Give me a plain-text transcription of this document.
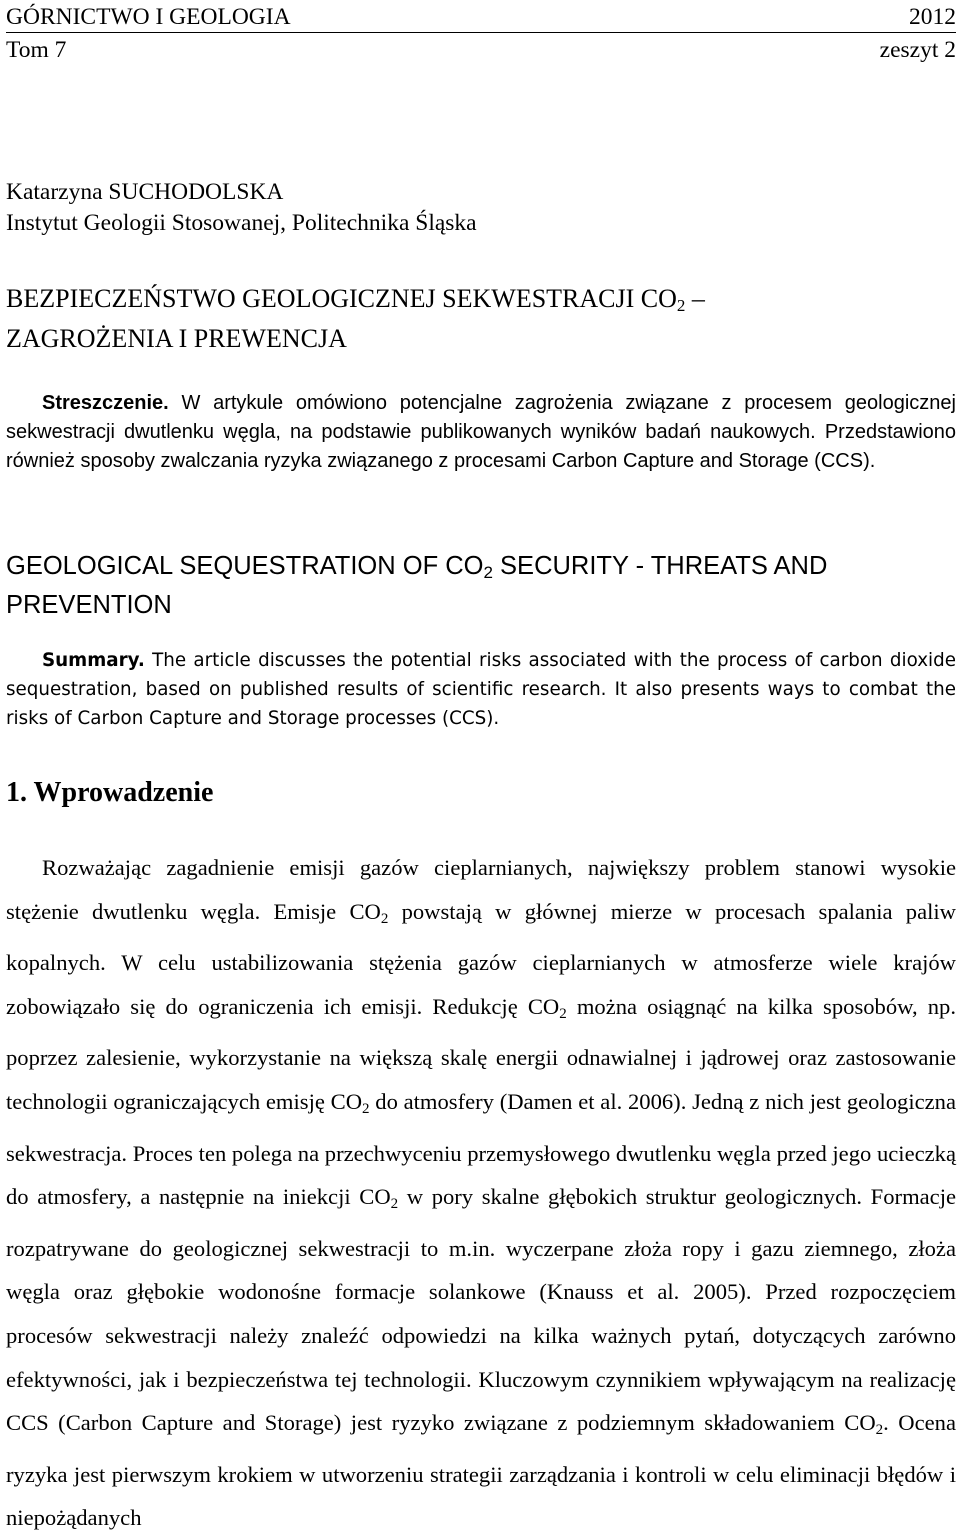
GÓRNICTWO I GEOLOGIA	2012
Tom 7	zeszyt 2
Katarzyna SUCHODOLSKA
Instytut Geologii Stosowanej, Politechnika Śląska
BEZPIECZEŃSTWO GEOLOGICZNEJ SEKWESTRACJI $CO_2$ –
ZAGROŻENIA I PREWENCJA
Streszczenie. W artykule omówiono potencjalne zagrożenia związane z procesem geologicznej sekwestracji dwutlenku węgla, na podstawie publikowanych wyników badań naukowych. Przedstawiono również sposoby zwalczania ryzyka związanego z procesami Carbon Capture and Storage (CCS).
GEOLOGICAL SEQUESTRATION OF $CO_2$ SECURITY - THREATS AND PREVENTION
Summary. The article discusses the potential risks associated with the process of carbon dioxide sequestration, based on published results of scientific research. It also presents ways to combat the risks of Carbon Capture and Storage processes (CCS).
1. Wprowadzenie
Rozważając zagadnienie emisji gazów cieplarnianych, największy problem stanowi wysokie stężenie dwutlenku węgla. Emisje $CO_2$ powstają w głównej mierze w procesach spalania paliw kopalnych. W celu ustabilizowania stężenia gazów cieplarnianych w atmosferze wiele krajów zobowiązało się do ograniczenia ich emisji. Redukcję $CO_2$ można osiągnąć na kilka sposobów, np. poprzez zalesienie, wykorzystanie na większą skalę energii odnawialnej i jądrowej oraz zastosowanie technologii ograniczających emisję $CO_2$ do atmosfery (Damen et al. 2006). Jedną z nich jest geologiczna sekwestracja. Proces ten polega na przechwyceniu przemysłowego dwutlenku węgla przed jego ucieczką do atmosfery, a następnie na iniekcji $CO_2$ w pory skalne głębokich struktur geologicznych. Formacje rozpatrywane do geologicznej sekwestracji to m.in. wyczerpane złoża ropy i gazu ziemnego, złoża węgla oraz głębokie wodonośne formacje solankowe (Knauss et al. 2005). Przed rozpoczęciem procesów sekwestracji należy znaleźć odpowiedzi na kilka ważnych pytań, dotyczących zarówno efektywności, jak i bezpieczeństwa tej technologii. Kluczowym czynnikiem wpływającym na realizację CCS (Carbon Capture and Storage) jest ryzyko związane z podziemnym składowaniem $CO_2$. Ocena ryzyka jest pierwszym krokiem w utworzeniu strategii zarządzania i kontroli w celu eliminacji błędów i niepożądanych
